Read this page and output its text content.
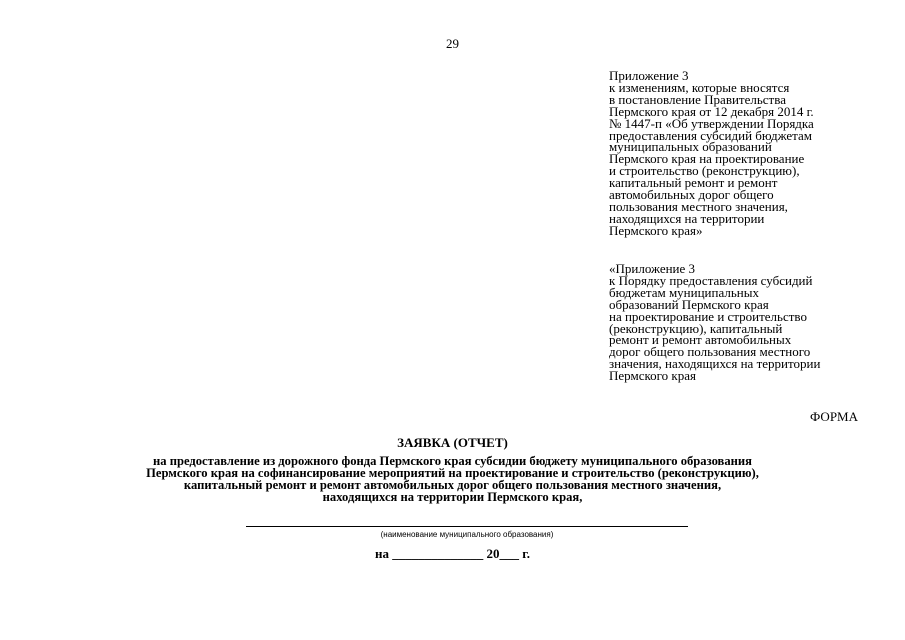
29
Приложение 3
к изменениям, которые вносятся
в постановление Правительства
Пермского края от 12 декабря 2014 г.
№ 1447-п «Об утверждении Порядка
предоставления субсидий бюджетам
муниципальных образований
Пермского края на проектирование
и строительство (реконструкцию),
капитальный ремонт и ремонт
автомобильных дорог общего
пользования местного значения,
находящихся на территории
Пермского края»
«Приложение 3
к Порядку предоставления субсидий
бюджетам муниципальных
образований Пермского края
на проектирование и строительство
(реконструкцию), капитальный
ремонт и ремонт автомобильных
дорог общего пользования местного
значения, находящихся на территории
Пермского края
ФОРМА
ЗАЯВКА (ОТЧЕТ)
на предоставление из дорожного фонда Пермского края субсидии бюджету муниципального образования
Пермского края на софинансирование мероприятий на проектирование и строительство (реконструкцию),
капитальный ремонт и ремонт автомобильных дорог общего пользования местного значения,
находящихся на территории Пермского края,
(наименование муниципального образования)
на ______________ 20___ г.
